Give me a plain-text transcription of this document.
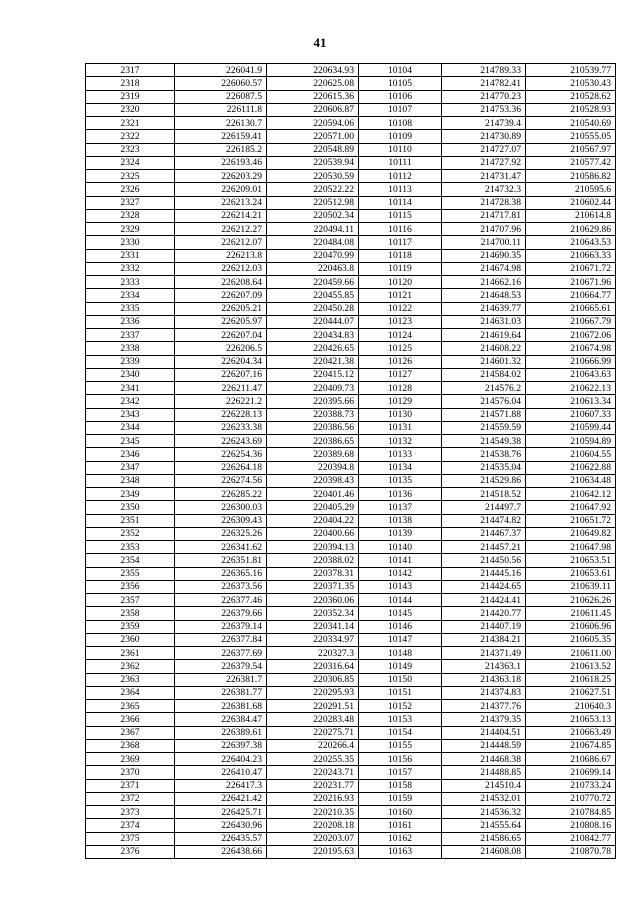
41
2317	226041.9	220634.93	10104	214789.33	210539.77
2318	226060.57	220625.08	10105	214782.41	210530.43
2319	226087.5	220615.36	10106	214770.23	210528.62
2320	226111.8	220606.87	10107	214753.36	210528.93
2321	226130.7	220594.06	10108	214739.4	210540.69
2322	226159.41	220571.00	10109	214730.89	210555.05
2323	226185.2	220548.89	10110	214727.07	210567.97
2324	226193.46	220539.94	10111	214727.92	210577.42
2325	226203.29	220530.59	10112	214731.47	210586.82
2326	226209.01	220522.22	10113	214732.3	210595.6
2327	226213.24	220512.98	10114	214728.38	210602.44
2328	226214.21	220502.34	10115	214717.81	210614.8
2329	226212.27	220494.11	10116	214707.96	210629.86
2330	226212.07	220484.08	10117	214700.11	210643.53
2331	226213.8	220470.99	10118	214690.35	210663.33
2332	226212.03	220463.8	10119	214674.98	210671.72
2333	226208.64	220459.66	10120	214662.16	210671.96
2334	226207.09	220455.85	10121	214648.53	210664.77
2335	226205.21	220450.28	10122	214639.77	210665.61
2336	226205.97	220444.07	10123	214631.03	210667.79
2337	226207.04	220434.83	10124	214619.64	210672.06
2338	226206.5	220426.65	10125	214608.22	210674.98
2339	226204.34	220421.38	10126	214601.32	210666.99
2340	226207.16	220415.12	10127	214584.02	210643.63
2341	226211.47	220409.73	10128	214576.2	210622.13
2342	226221.2	220395.66	10129	214576.04	210613.34
2343	226228.13	220388.73	10130	214571.88	210607.33
2344	226233.38	220386.56	10131	214559.59	210599.44
2345	226243.69	220386.65	10132	214549.38	210594.89
2346	226254.36	220389.68	10133	214538.76	210604.55
2347	226264.18	220394.8	10134	214535.04	210622.88
2348	226274.56	220398.43	10135	214529.86	210634.48
2349	226285.22	220401.46	10136	214518.52	210642.12
2350	226300.03	220405.29	10137	214497.7	210647.92
2351	226309.43	220404.22	10138	214474.82	210651.72
2352	226325.26	220400.66	10139	214467.37	210649.82
2353	226341.62	220394.13	10140	214457.21	210647.98
2354	226351.81	220388.02	10141	214450.56	210653.51
2355	226365.16	220378.31	10142	214445.16	210653.61
2356	226373.56	220371.35	10143	214424.65	210639.11
2357	226377.46	220360.06	10144	214424.41	210626.26
2358	226379.66	220352.34	10145	214420.77	210611.45
2359	226379.14	220341.14	10146	214407.19	210606.96
2360	226377.84	220334.97	10147	214384.21	210605.35
2361	226377.69	220327.3	10148	214371.49	210611.00
2362	226379.54	220316.64	10149	214363.1	210613.52
2363	226381.7	220306.85	10150	214363.18	210618.25
2364	226381.77	220295.93	10151	214374.83	210627.51
2365	226381.68	220291.51	10152	214377.76	210640.3
2366	226384.47	220283.48	10153	214379.35	210653.13
2367	226389.61	220275.71	10154	214404.51	210663.49
2368	226397.38	220266.4	10155	214448.59	210674.85
2369	226404.23	220255.35	10156	214468.38	210686.67
2370	226410.47	220243.71	10157	214488.85	210699.14
2371	226417.3	220231.77	10158	214510.4	210733.24
2372	226421.42	220216.93	10159	214532.01	210770.72
2373	226425.71	220210.35	10160	214536.32	210784.85
2374	226430.96	220208.18	10161	214555.64	210808.16
2375	226435.57	220203.07	10162	214586.65	210842.77
2376	226438.66	220195.63	10163	214608.08	210870.78
